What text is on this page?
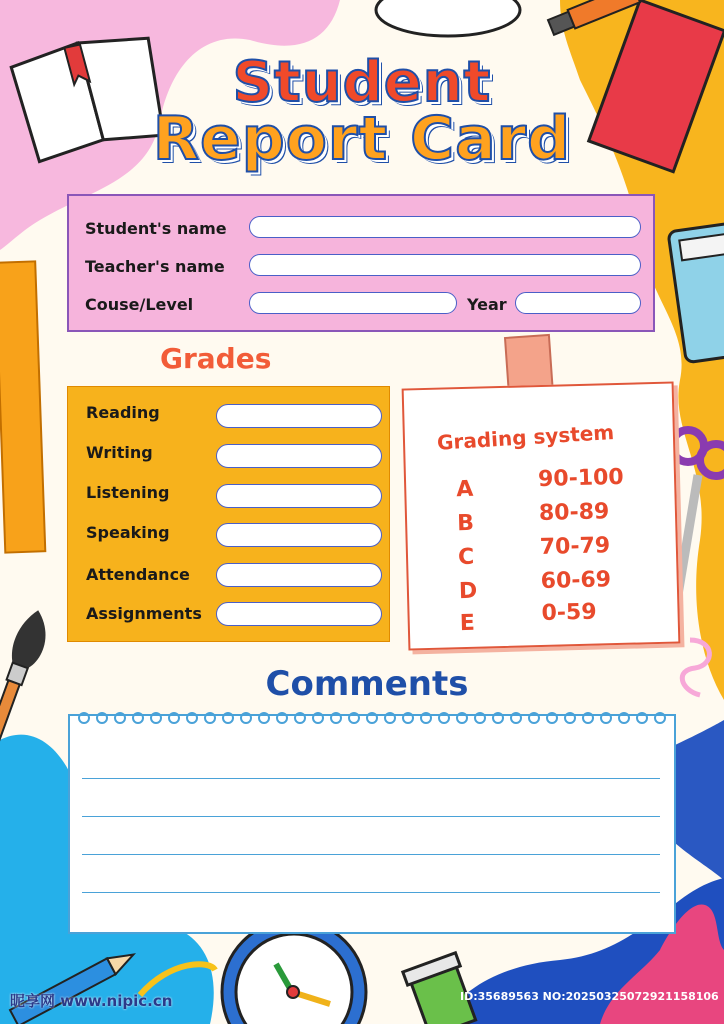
Student
Report Card
Student's name
Teacher's name
Couse/Level	Year
Grades
Reading
Writing
Listening
Speaking
Attendance
Assignments
Grading system
A	90-100
B	80-89
C	70-79
D	60-69
E	0-59
Comments
昵享网 www.nipic.cn	ID:35689563 NO:20250325072921158106
